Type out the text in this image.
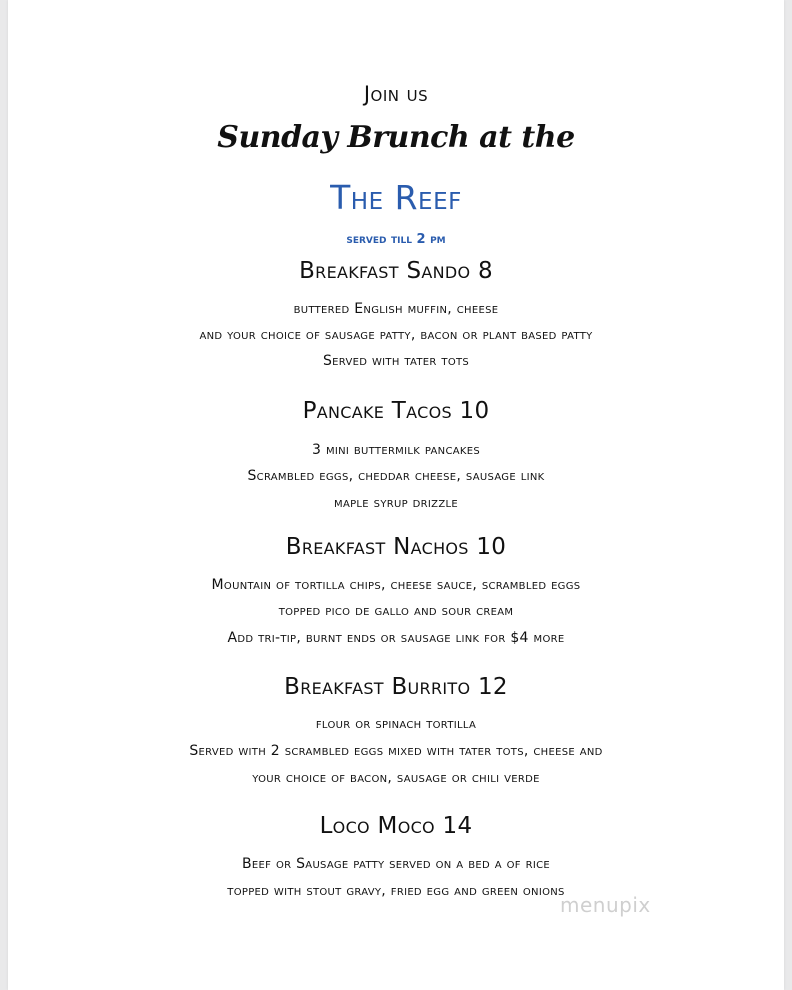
Join us
Sunday Brunch at the
The Reef
served till 2 pm
Breakfast Sando 8
buttered English muffin, cheese
and your choice of sausage patty, bacon or plant based patty
Served with tater tots
Pancake Tacos 10
3 mini buttermilk pancakes
Scrambled eggs, cheddar cheese, sausage link
maple syrup drizzle
Breakfast Nachos 10
Mountain of tortilla chips, cheese sauce, scrambled eggs
topped pico de gallo and sour cream
Add tri-tip, burnt ends or sausage link for $4 more
Breakfast Burrito 12
flour or spinach tortilla
Served with 2 scrambled eggs mixed with tater tots, cheese and
your choice of bacon, sausage or chili verde
Loco Moco 14
Beef or Sausage patty served on a bed a of rice
topped with stout gravy, fried egg and green onions
menupix
